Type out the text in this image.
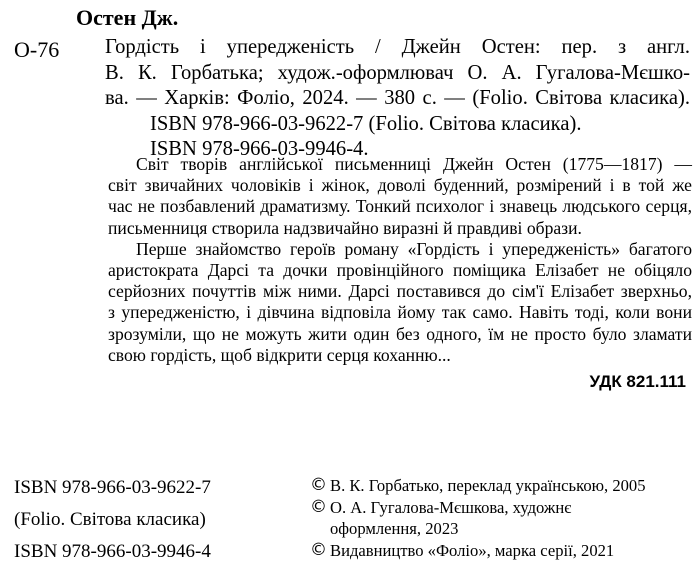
Остен Дж.
О-76 Гордість і упередженість / Джейн Остен: пер. з англ.
В. К. Горбатька; худож.-оформлювач О. А. Гугалова-Мєшко-
ва. — Харків: Фоліо, 2024. — 380 с. — (Folio. Світова класика).
ISBN 978-966-03-9622-7 (Folio. Світова класика).
ISBN 978-966-03-9946-4.
Світ творів англійської письменниці Джейн Остен (1775—1817) —
світ звичайних чоловіків і жінок, доволі буденний, розмірений і в той же
час не позбавлений драматизму. Тонкий психолог і знавець людського серця,
письменниця створила надзвичайно виразні й правдиві образи.
Перше знайомство героїв роману «Гордість і упередженість» багатого
аристократа Дарсі та дочки провінційного поміщика Елізабет не обіцяло
серйозних почуттів між ними. Дарсі поставився до сім'ї Елізабет зверхньо,
з упередженістю, і дівчина відповіла йому так само. Навіть тоді, коли вони
зрозуміли, що не можуть жити один без одного, їм не просто було зламати
свою гордість, щоб відкрити серця коханню...
УДК 821.111
ISBN 978-966-03-9622-7
(Folio. Світова класика)
ISBN 978-966-03-9946-4
© В. К. Горбатько, переклад українською, 2005
© О. А. Гугалова-Мєшкова, художнє
оформлення, 2023
© Видавництво «Фоліо», марка серії, 2021
